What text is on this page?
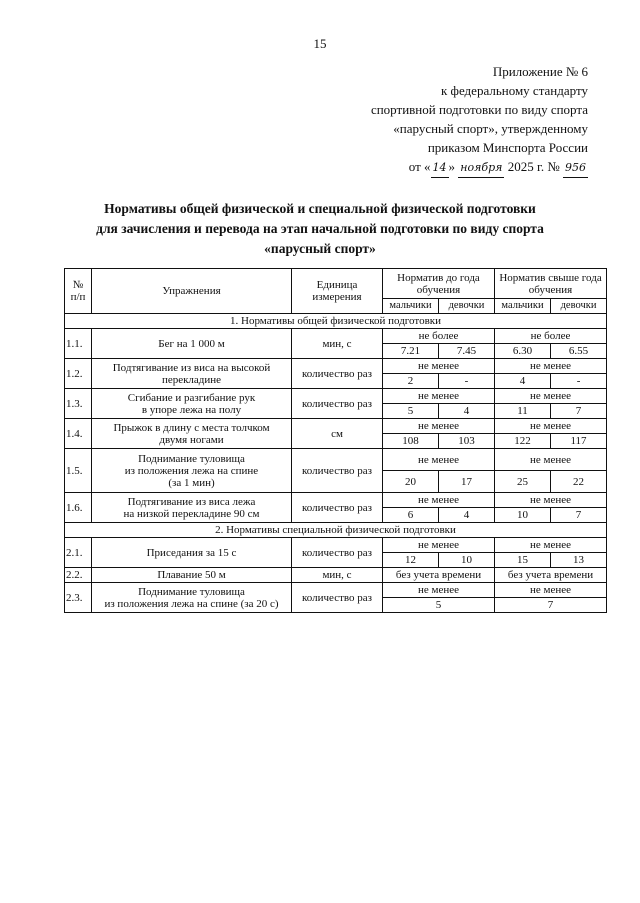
15
Приложение № 6
к федеральному стандарту
спортивной подготовки по виду спорта
«парусный спорт», утвержденному
приказом Минспорта России
от « 14 » ноября 2025 г. № 956
Нормативы общей физической и специальной физической подготовки
для зачисления и перевода на этап начальной подготовки по виду спорта
«парусный спорт»
№ п/п	Упражнения	Единица измерения	Норматив до года обучения		Норматив свыше года обучения	
			мальчики	девочки	мальчики	девочки
1. Нормативы общей физической подготовки						
1.1.	Бег на 1 000 м	мин, с	не более		не более	
			7.21	7.45	6.30	6.55
1.2.	Подтягивание из виса на высокой
перекладине	количество раз	не менее		не менее	
			2	-	4	-
1.3.	Сгибание и разгибание рук
в упоре лежа на полу	количество раз	не менее		не менее	
			5	4	11	7
1.4.	Прыжок в длину с места толчком
двумя ногами	см	не менее		не менее	
			108	103	122	117
1.5.	Поднимание туловища
из положения лежа на спине
(за 1 мин)	количество раз	не менее		не менее	
			20	17	25	22
1.6.	Подтягивание из виса лежа
на низкой перекладине 90 см	количество раз	не менее		не менее	
			6	4	10	7
2. Нормативы специальной физической подготовки						
2.1.	Приседания за 15 с	количество раз	не менее		не менее	
			12	10	15	13
2.2.	Плавание 50 м	мин, с	без учета времени		без учета времени	
2.3.	Поднимание туловища
из положения лежа на спине (за 20 с)	количество раз	не менее		не менее	
			5		7	
